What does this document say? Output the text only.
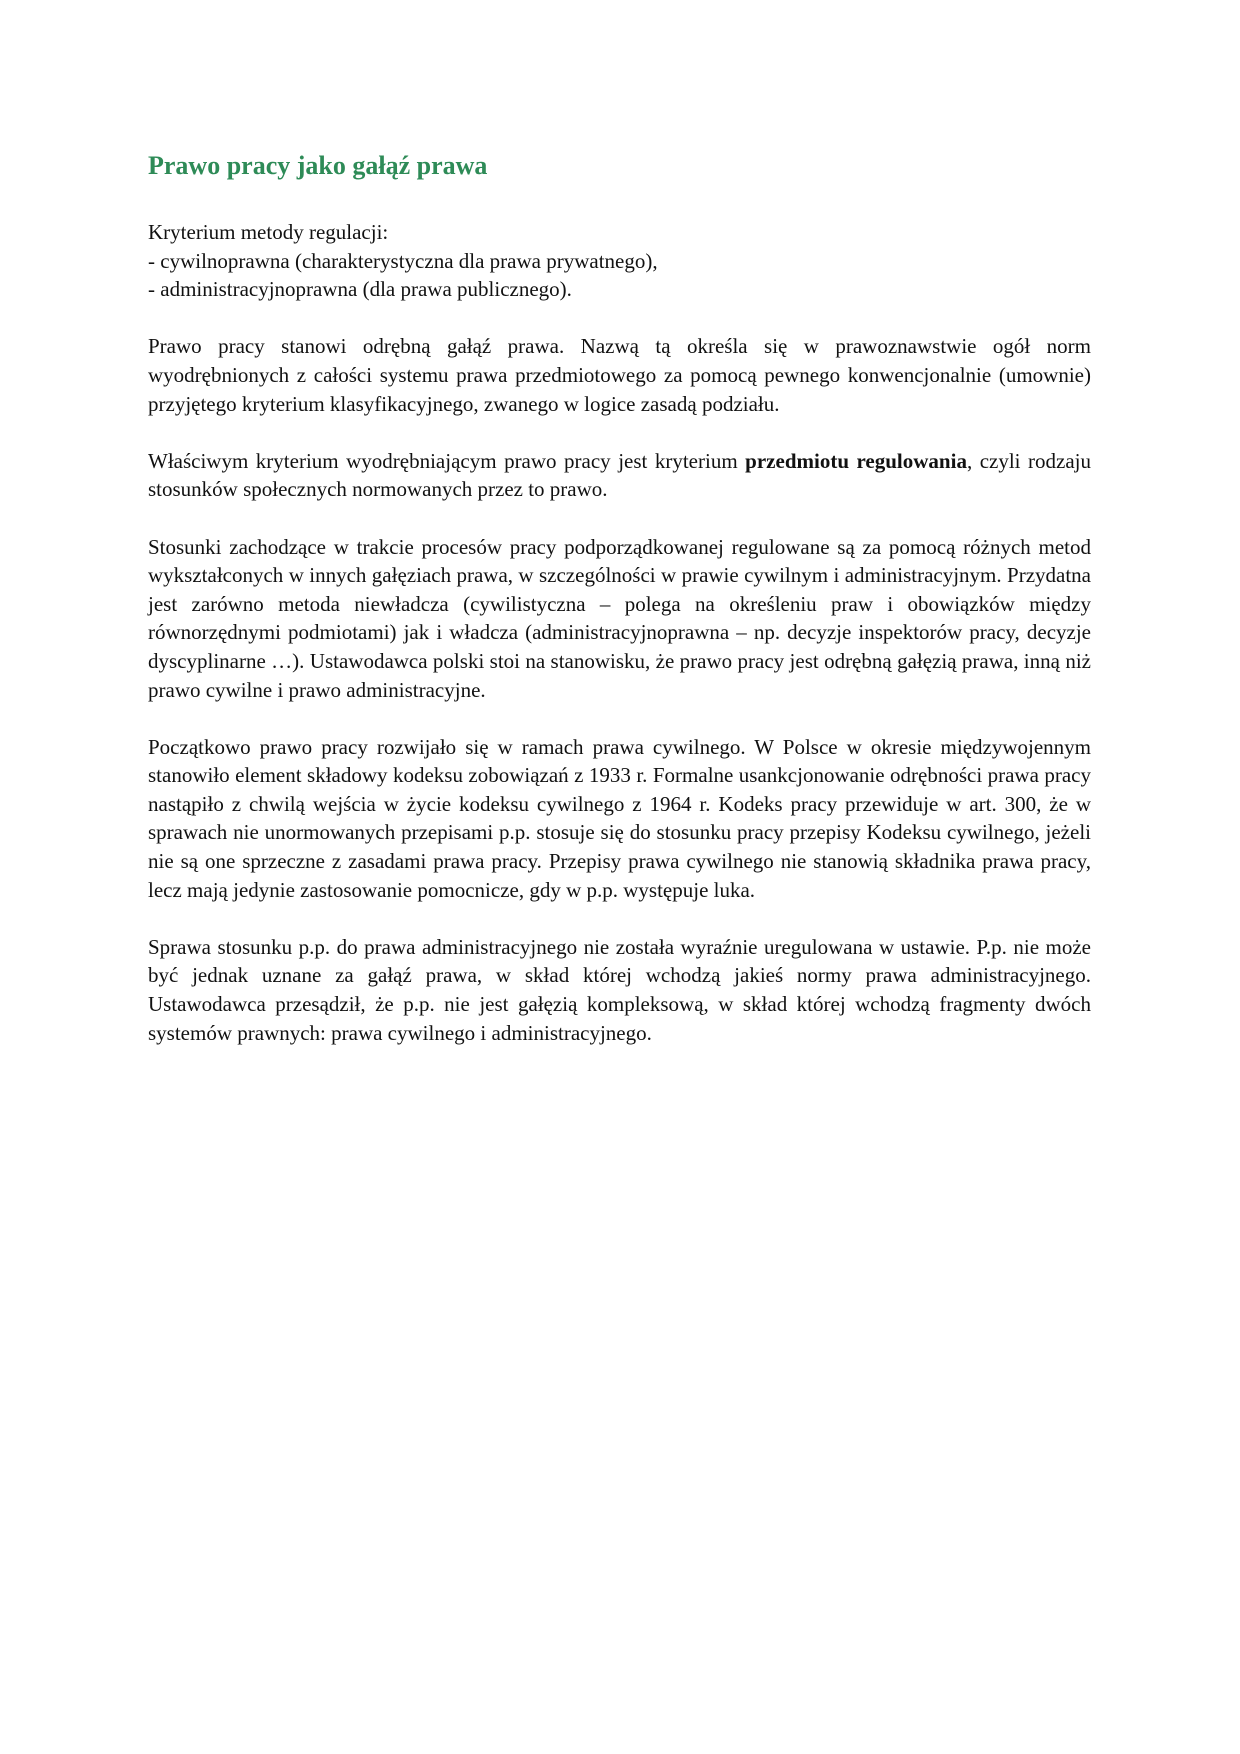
Prawo pracy jako gałąź prawa
Kryterium metody regulacji:
- cywilnoprawna (charakterystyczna dla prawa prywatnego),
- administracyjnoprawna (dla prawa publicznego).

Prawo pracy stanowi odrębną gałąź prawa. Nazwą tą określa się w prawoznawstwie ogół norm wyodrębnionych z całości systemu prawa przedmiotowego za pomocą pewnego konwencjonalnie (umownie) przyjętego kryterium klasyfikacyjnego, zwanego w logice zasadą podziału.

Właściwym kryterium wyodrębniającym prawo pracy jest kryterium przedmiotu regulowania, czyli rodzaju stosunków społecznych normowanych przez to prawo.

Stosunki zachodzące w trakcie procesów pracy podporządkowanej regulowane są za pomocą różnych metod wykształconych w innych gałęziach prawa, w szczególności w prawie cywilnym i administracyjnym. Przydatna jest zarówno metoda niewładcza (cywilistyczna – polega na określeniu praw i obowiązków między równorzędnymi podmiotami) jak i władcza (administracyjnoprawna – np. decyzje inspektorów pracy, decyzje dyscyplinarne …). Ustawodawca polski stoi na stanowisku, że prawo pracy jest odrębną gałęzią prawa, inną niż prawo cywilne i prawo administracyjne.

Początkowo prawo pracy rozwijało się w ramach prawa cywilnego. W Polsce w okresie międzywojennym stanowiło element składowy kodeksu zobowiązań z 1933 r. Formalne usankcjonowanie odrębności prawa pracy nastąpiło z chwilą wejścia w życie kodeksu cywilnego z 1964 r. Kodeks pracy przewiduje w art. 300, że w sprawach nie unormowanych przepisami p.p. stosuje się do stosunku pracy przepisy Kodeksu cywilnego, jeżeli nie są one sprzeczne z zasadami prawa pracy. Przepisy prawa cywilnego nie stanowią składnika prawa pracy, lecz mają jedynie zastosowanie pomocnicze, gdy w p.p. występuje luka.

Sprawa stosunku p.p. do prawa administracyjnego nie została wyraźnie uregulowana w ustawie. P.p. nie może być jednak uznane za gałąź prawa, w skład której wchodzą jakieś normy prawa administracyjnego. Ustawodawca przesądził, że p.p. nie jest gałęzią kompleksową, w skład której wchodzą fragmenty dwóch systemów prawnych: prawa cywilnego i administracyjnego.
